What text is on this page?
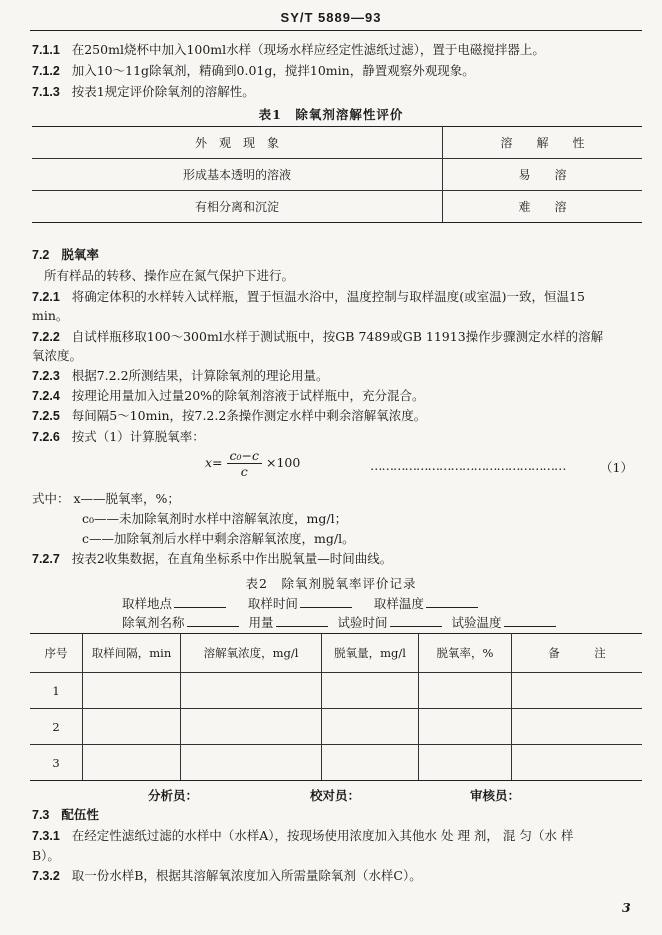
SY/T 5889—93
7.1.1 在250ml烧杯中加入100ml水样（现场水样应经定性滤纸过滤），置于电磁搅拌器上。
7.1.2 加入10～11g除氧剂，精确到0.01g，搅拌10min，静置观察外观现象。
7.1.3 按表1规定评价除氧剂的溶解性。
表1　除氧剂溶解性评价
外　观　现　象	溶　　解　　性
形成基本透明的溶液	易　　溶
有相分离和沉淀	难　　溶
7.2 脱氧率
所有样品的转移、操作应在氮气保护下进行。
7.2.1 将确定体积的水样转入试样瓶，置于恒温水浴中，温度控制与取样温度(或室温)一致，恒温15
min。
7.2.2 自试样瓶移取100～300ml水样于测试瓶中，按GB 7489或GB 11913操作步骤测定水样的溶解
氧浓度。
7.2.3 根据7.2.2所测结果，计算除氧剂的理论用量。
7.2.4 按理论用量加入过量20%的除氧剂溶液于试样瓶中，充分混合。
7.2.5 每间隔5～10min，按7.2.2条操作测定水样中剩余溶解氧浓度。
7.2.6 按式（1）计算脱氧率：
$x= \frac{\text{c₀−c}}{c} \times 100$	……………………………………………	（1）
式中： x——脱氧率，%；
c₀——未加除氧剂时水样中溶解氧浓度，mg/l；
c——加除氧剂后水样中剩余溶解氧浓度，mg/l。
7.2.7 按表2收集数据，在直角坐标系中作出脱氧量—时间曲线。
表2　除氧剂脱氧率评价记录
取样地点	取样时间	取样温度
除氧剂名称	用量	试验时间	试验温度
序号	取样间隔，min	溶解氧浓度，mg/l	脱氧量，mg/l	脱氧率，%	备　　　注
1					
2					
3					
分析员：	校对员：	审核员：
7.3 配伍性
7.3.1 在经定性滤纸过滤的水样中（水样A），按现场使用浓度加入其他水 处 理 剂， 混 匀（水 样
B）。
7.3.2 取一份水样B，根据其溶解氧浓度加入所需量除氧剂（水样C）。
3
